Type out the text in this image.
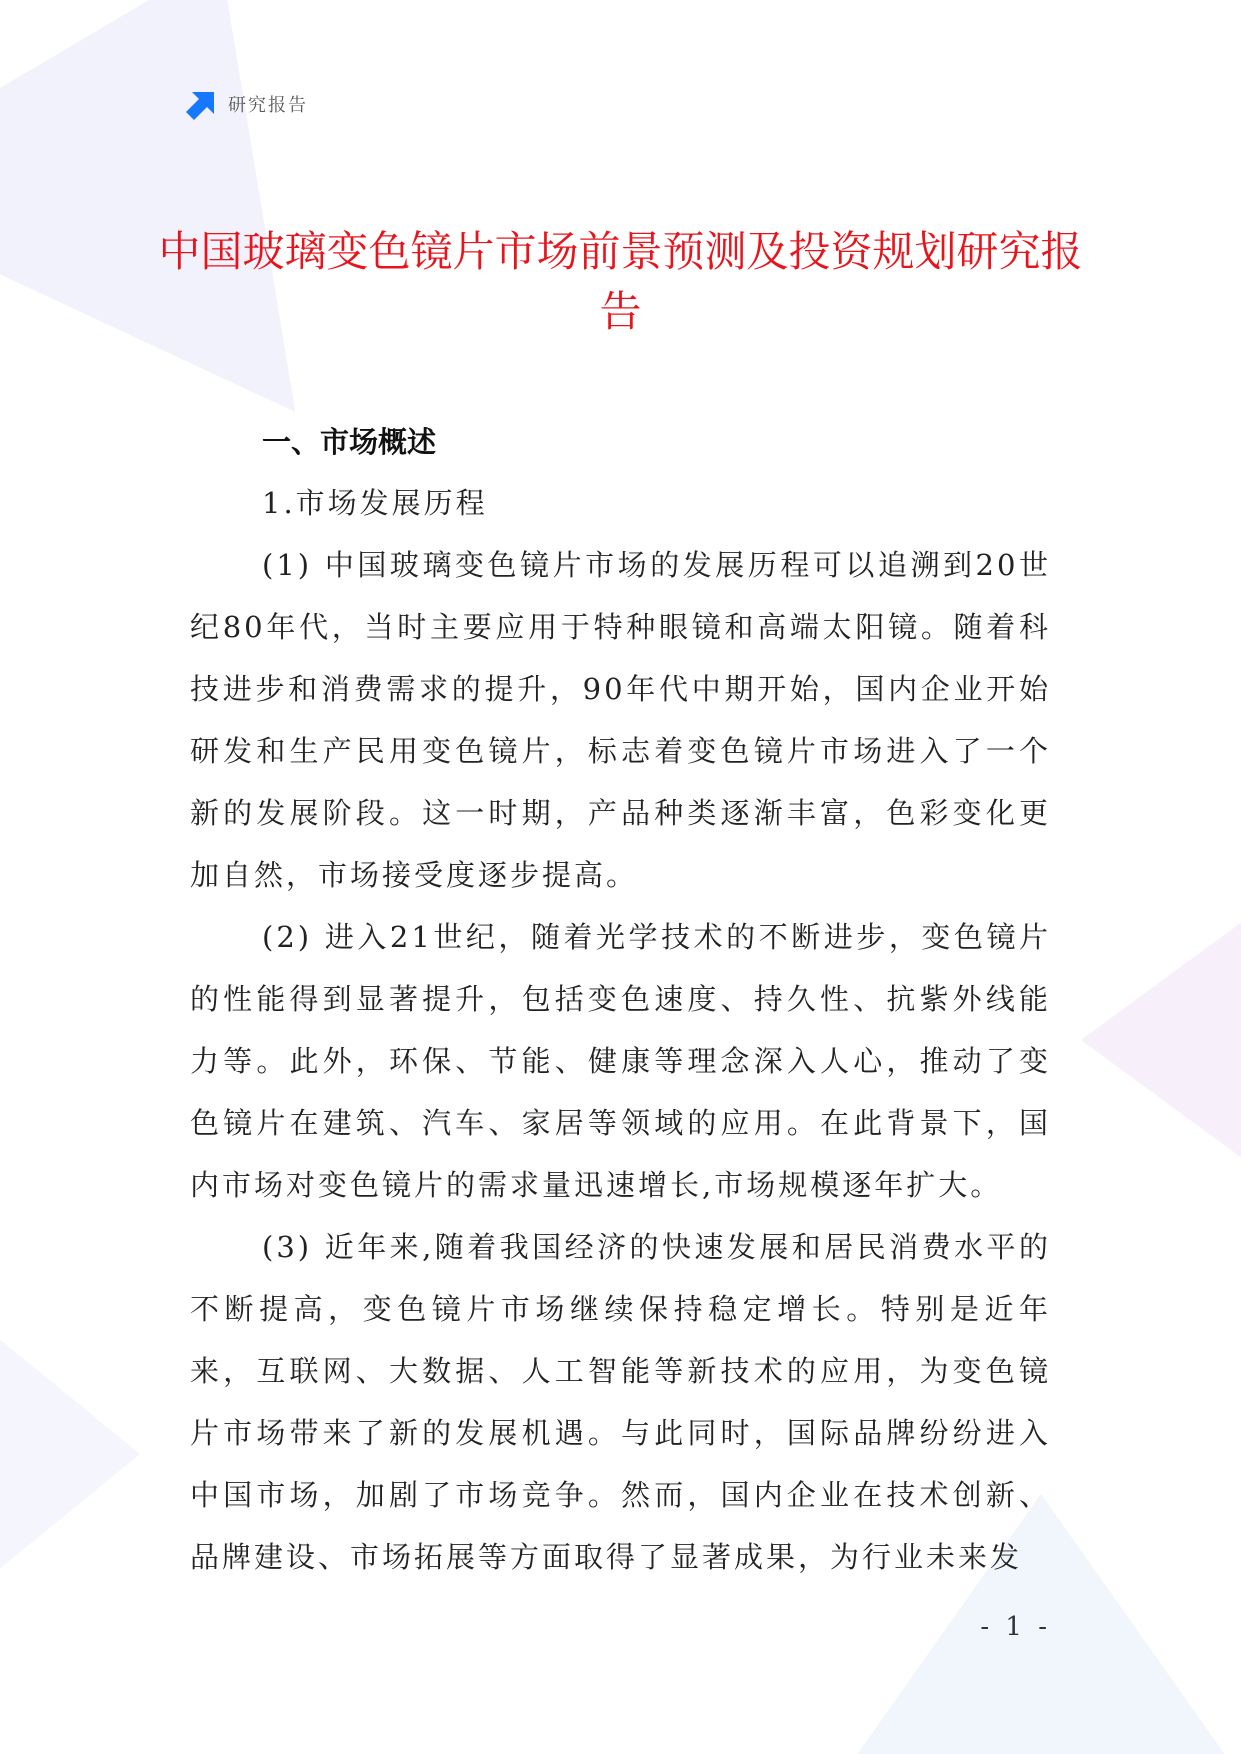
研究报告
中国玻璃变色镜片市场前景预测及投资规划研究报告

一、市场概述

1.市场发展历程

(1) 中国玻璃变色镜片市场的发展历程可以追溯到20世纪80年代，当时主要应用于特种眼镜和高端太阳镜。随着科技进步和消费需求的提升，90年代中期开始，国内企业开始研发和生产民用变色镜片，标志着变色镜片市场进入了一个新的发展阶段。这一时期，产品种类逐渐丰富，色彩变化更加自然，市场接受度逐步提高。

(2) 进入21世纪，随着光学技术的不断进步，变色镜片的性能得到显著提升，包括变色速度、持久性、抗紫外线能力等。此外，环保、节能、健康等理念深入人心，推动了变色镜片在建筑、汽车、家居等领域的应用。在此背景下，国内市场对变色镜片的需求量迅速增长,市场规模逐年扩大。

(3) 近年来,随着我国经济的快速发展和居民消费水平的不断提高，变色镜片市场继续保持稳定增长。特别是近年来，互联网、大数据、人工智能等新技术的应用，为变色镜片市场带来了新的发展机遇。与此同时，国际品牌纷纷进入中国市场，加剧了市场竞争。然而，国内企业在技术创新、品牌建设、市场拓展等方面取得了显著成果，为行业未来发

- 1 -
